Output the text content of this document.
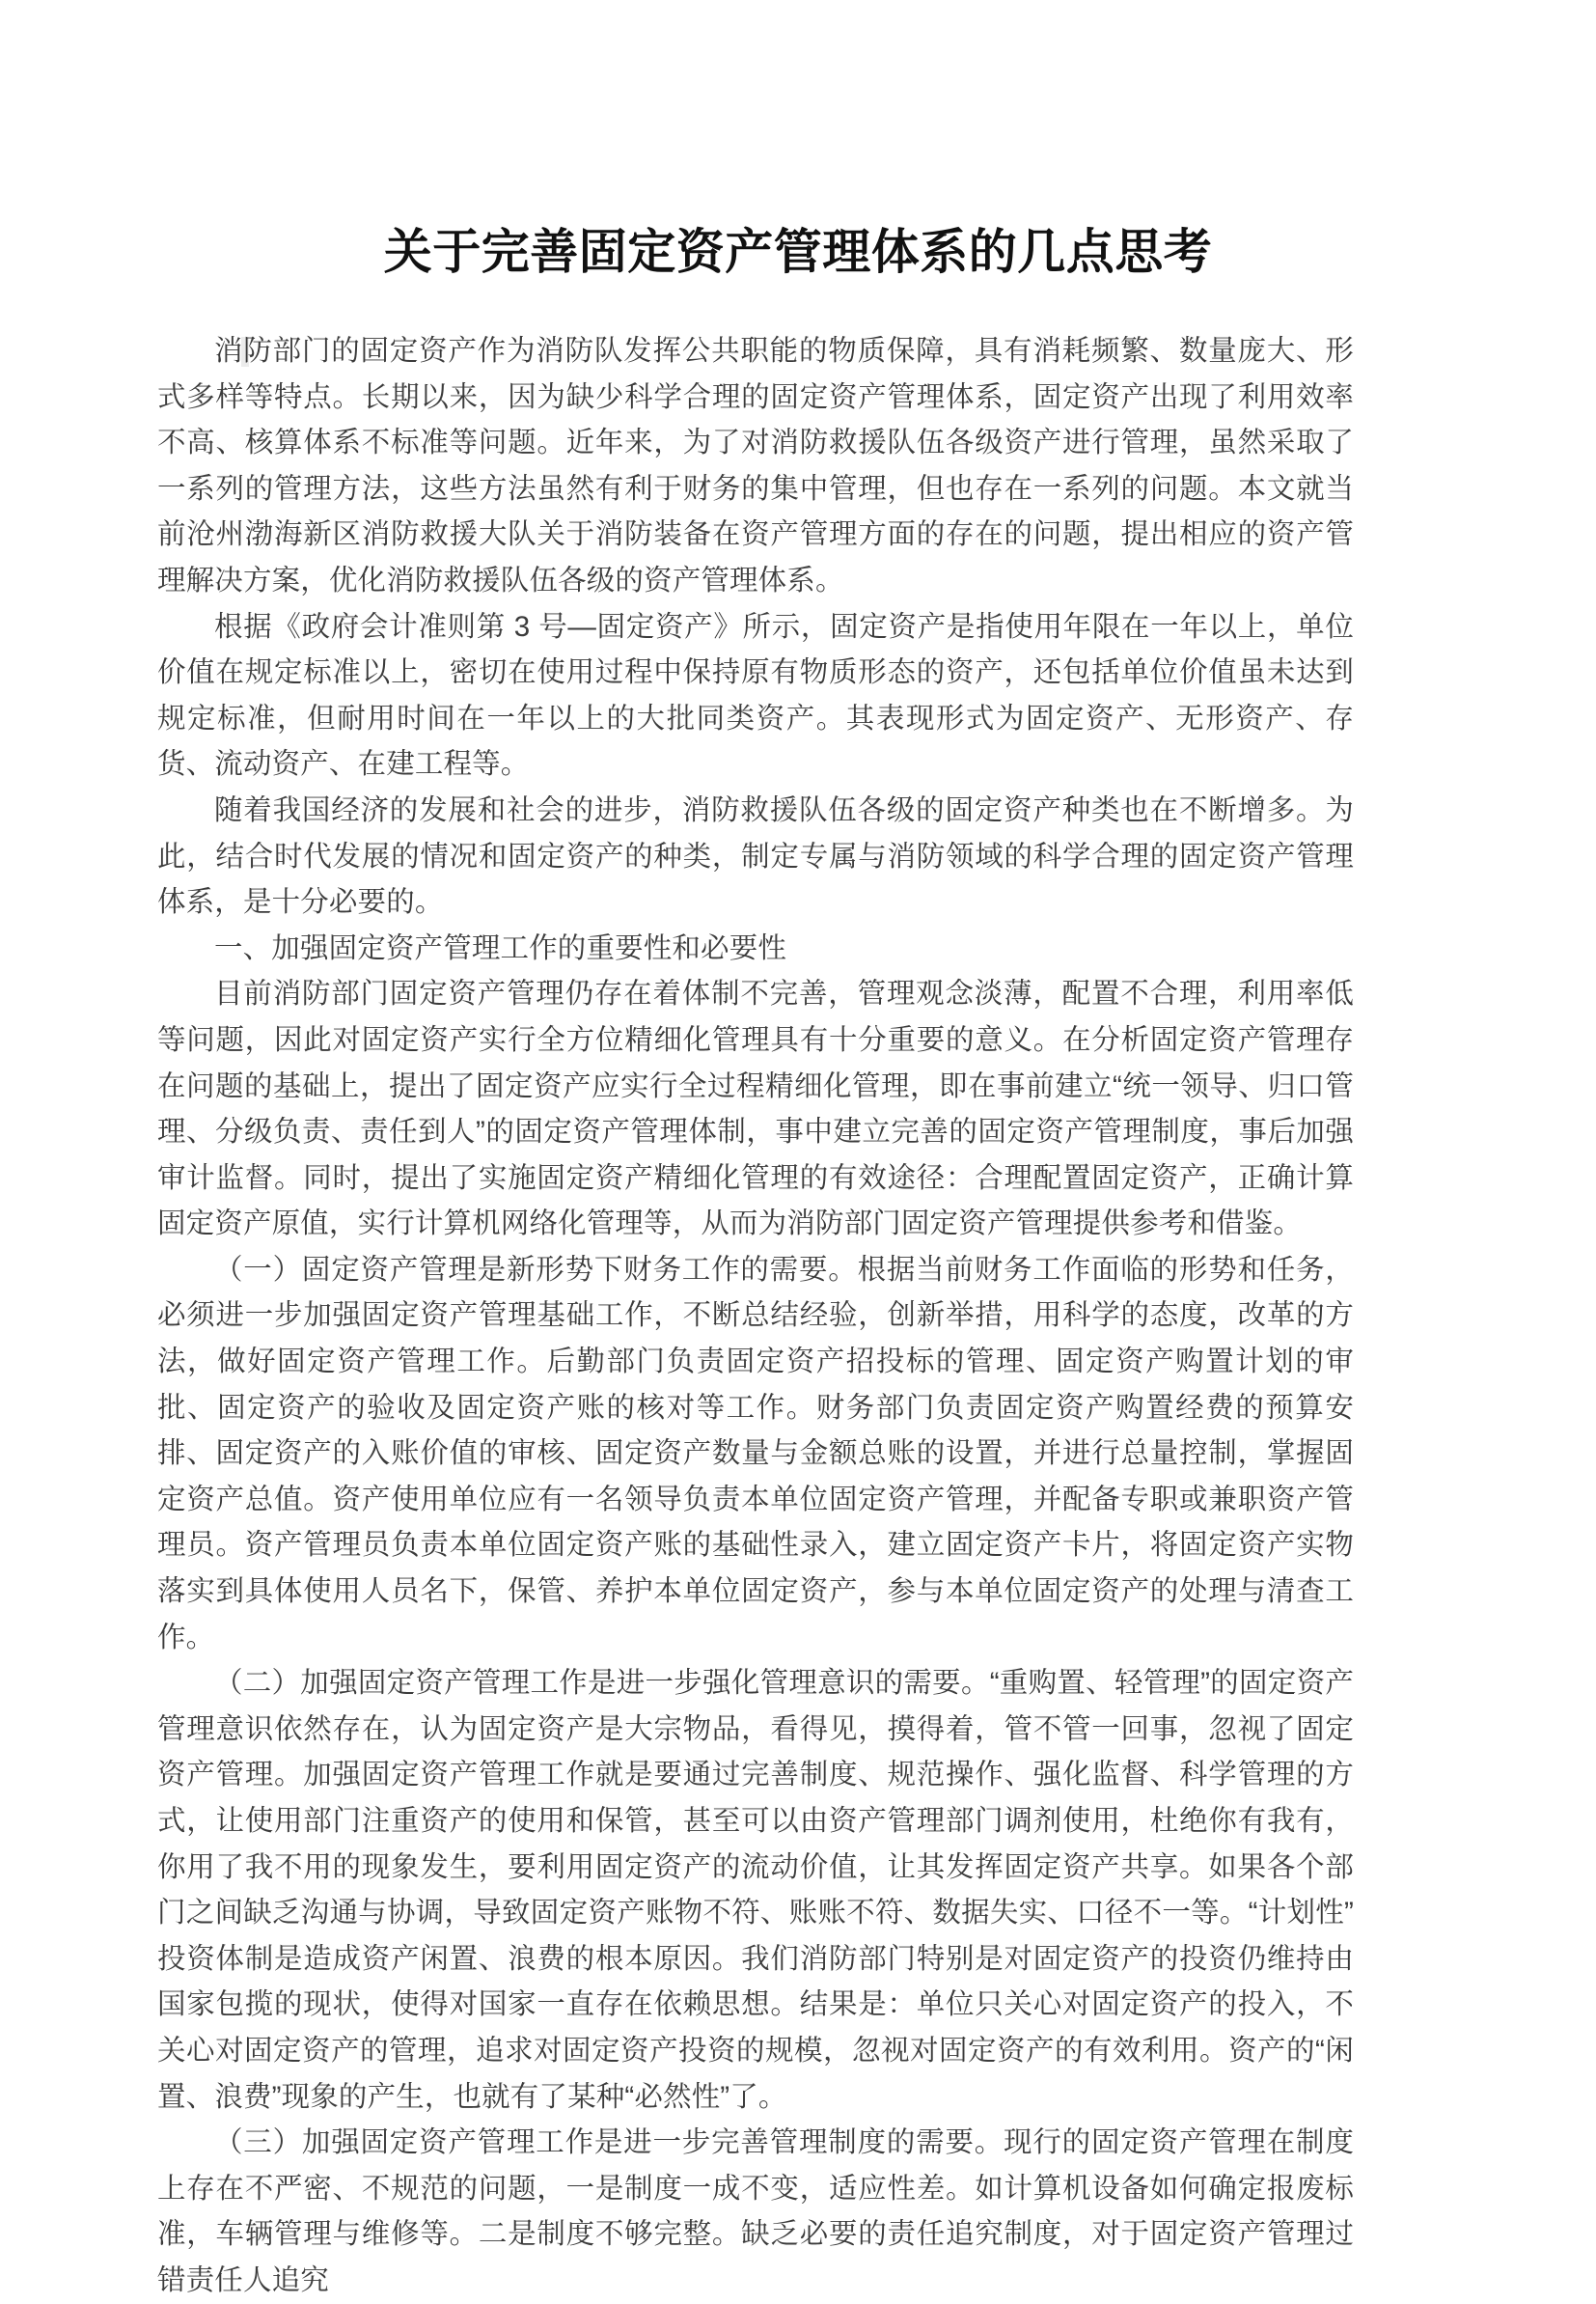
关于完善固定资产管理体系的几点思考

消防部门的固定资产作为消防队发挥公共职能的物质保障，具有消耗频繁、数量庞大、形式多样等特点。长期以来，因为缺少科学合理的固定资产管理体系，固定资产出现了利用效率不高、核算体系不标准等问题。近年来，为了对消防救援队伍各级资产进行管理，虽然采取了一系列的管理方法，这些方法虽然有利于财务的集中管理，但也存在一系列的问题。本文就当前沧州渤海新区消防救援大队关于消防装备在资产管理方面的存在的问题，提出相应的资产管理解决方案，优化消防救援队伍各级的资产管理体系。

根据《政府会计准则第 3 号—固定资产》所示，固定资产是指使用年限在一年以上，单位价值在规定标准以上，密切在使用过程中保持原有物质形态的资产，还包括单位价值虽未达到规定标准，但耐用时间在一年以上的大批同类资产。其表现形式为固定资产、无形资产、存货、流动资产、在建工程等。

随着我国经济的发展和社会的进步，消防救援队伍各级的固定资产种类也在不断增多。为此，结合时代发展的情况和固定资产的种类，制定专属与消防领域的科学合理的固定资产管理体系，是十分必要的。

一、加强固定资产管理工作的重要性和必要性

目前消防部门固定资产管理仍存在着体制不完善，管理观念淡薄，配置不合理，利用率低等问题，因此对固定资产实行全方位精细化管理具有十分重要的意义。在分析固定资产管理存在问题的基础上，提出了固定资产应实行全过程精细化管理，即在事前建立“统一领导、归口管理、分级负责、责任到人”的固定资产管理体制，事中建立完善的固定资产管理制度，事后加强审计监督。同时，提出了实施固定资产精细化管理的有效途径：合理配置固定资产，正确计算固定资产原值，实行计算机网络化管理等，从而为消防部门固定资产管理提供参考和借鉴。

（一）固定资产管理是新形势下财务工作的需要。根据当前财务工作面临的形势和任务，必须进一步加强固定资产管理基础工作，不断总结经验，创新举措，用科学的态度，改革的方法，做好固定资产管理工作。后勤部门负责固定资产招投标的管理、固定资产购置计划的审批、固定资产的验收及固定资产账的核对等工作。财务部门负责固定资产购置经费的预算安排、固定资产的入账价值的审核、固定资产数量与金额总账的设置，并进行总量控制，掌握固定资产总值。资产使用单位应有一名领导负责本单位固定资产管理，并配备专职或兼职资产管理员。资产管理员负责本单位固定资产账的基础性录入，建立固定资产卡片，将固定资产实物落实到具体使用人员名下，保管、养护本单位固定资产，参与本单位固定资产的处理与清查工作。

（二）加强固定资产管理工作是进一步强化管理意识的需要。“重购置、轻管理”的固定资产管理意识依然存在，认为固定资产是大宗物品，看得见，摸得着，管不管一回事，忽视了固定资产管理。加强固定资产管理工作就是要通过完善制度、规范操作、强化监督、科学管理的方式，让使用部门注重资产的使用和保管，甚至可以由资产管理部门调剂使用，杜绝你有我有，你用了我不用的现象发生，要利用固定资产的流动价值，让其发挥固定资产共享。如果各个部门之间缺乏沟通与协调，导致固定资产账物不符、账账不符、数据失实、口径不一等。“计划性”投资体制是造成资产闲置、浪费的根本原因。我们消防部门特别是对固定资产的投资仍维持由国家包揽的现状，使得对国家一直存在依赖思想。结果是：单位只关心对固定资产的投入，不关心对固定资产的管理，追求对固定资产投资的规模，忽视对固定资产的有效利用。资产的“闲置、浪费”现象的产生，也就有了某种“必然性”了。

（三）加强固定资产管理工作是进一步完善管理制度的需要。现行的固定资产管理在制度上存在不严密、不规范的问题，一是制度一成不变，适应性差。如计算机设备如何确定报废标准，车辆管理与维修等。二是制度不够完整。缺乏必要的责任追究制度，对于固定资产管理过错责任人追究
